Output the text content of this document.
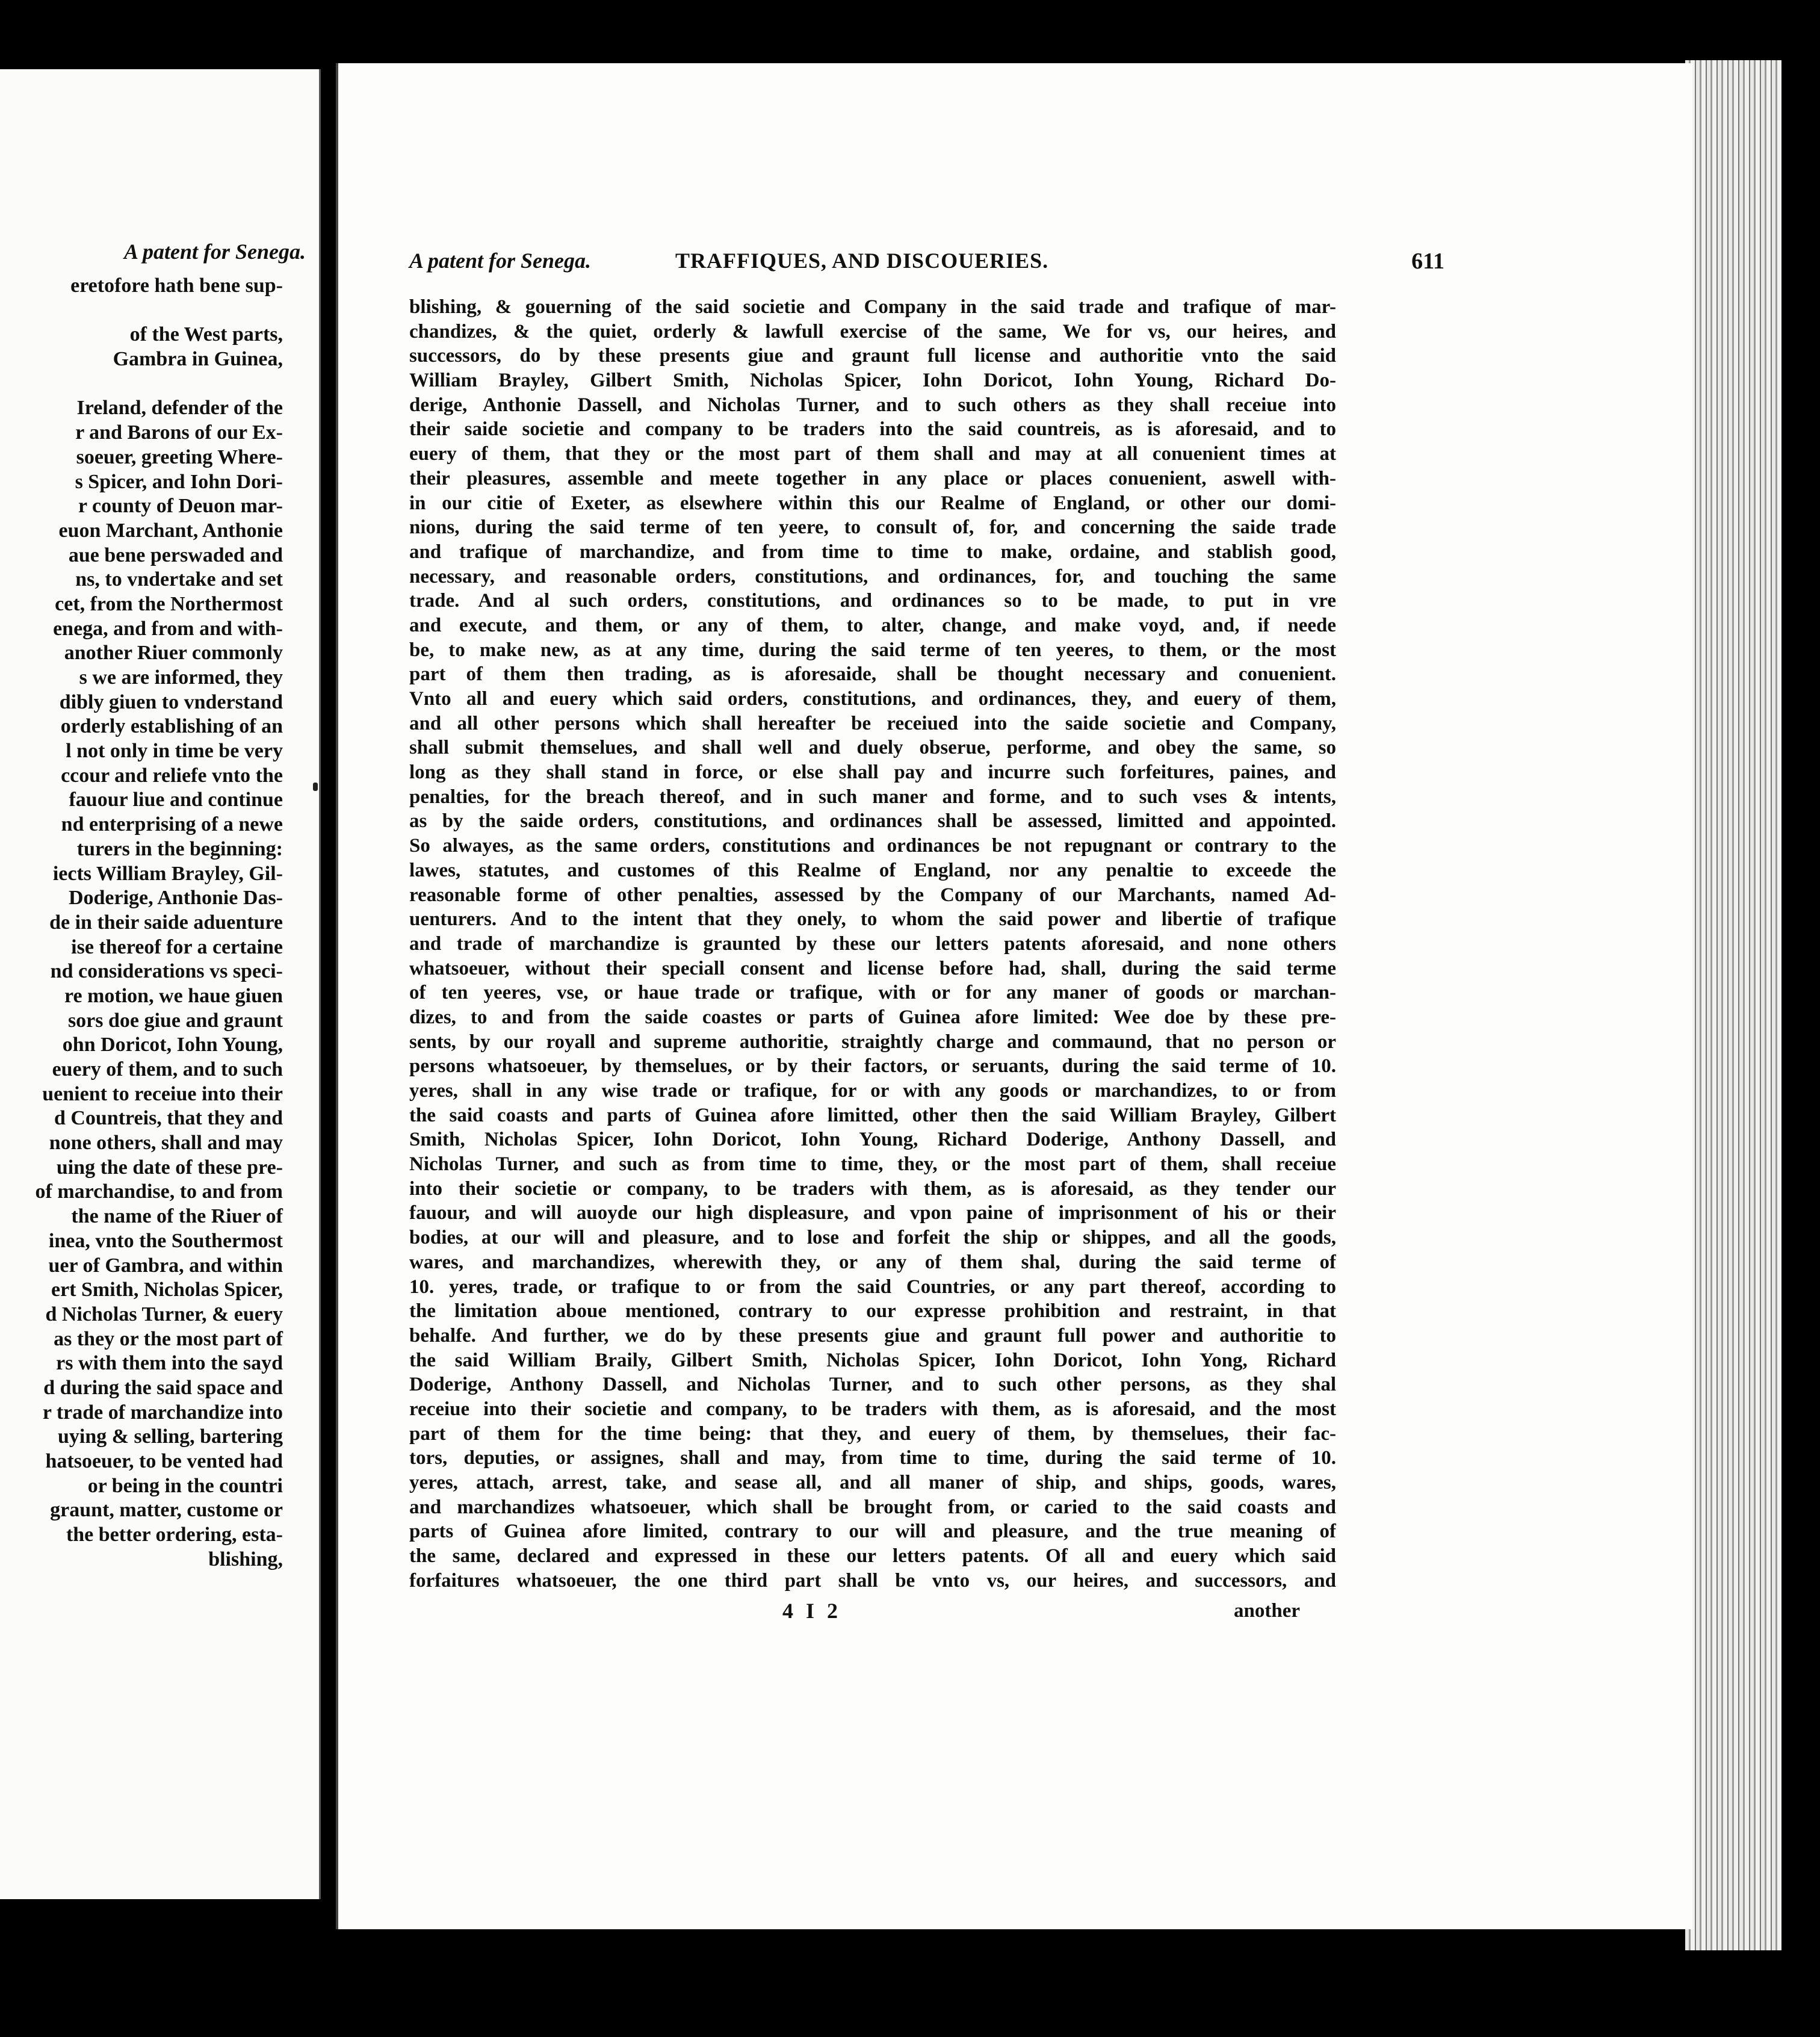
A patent for Senega.
eretofore hath bene sup-
of the West parts,
Gambra in Guinea,
Ireland, defender of the
r and Barons of our Ex-
soeuer, greeting Where-
s Spicer, and Iohn Dori-
r county of Deuon mar-
euon Marchant, Anthonie
aue bene perswaded and
ns, to vndertake and set
cet, from the Northermost
enega, and from and with-
another Riuer commonly
s we are informed, they
dibly giuen to vnderstand
orderly establishing of an
l not only in time be very
ccour and reliefe vnto the
fauour liue and continue
nd enterprising of a newe
turers in the beginning:
iects William Brayley, Gil-
Doderige, Anthonie Das-
de in their saide aduenture
ise thereof for a certaine
nd considerations vs speci-
re motion, we haue giuen
sors doe giue and graunt
ohn Doricot, Iohn Young,
euery of them, and to such
uenient to receiue into their
d Countreis, that they and
none others, shall and may
uing the date of these pre-
of marchandise, to and from
the name of the Riuer of
inea, vnto the Southermost
uer of Gambra, and within
ert Smith, Nicholas Spicer,
d Nicholas Turner, & euery
as they or the most part of
rs with them into the sayd
d during the said space and
r trade of marchandize into
uying & selling, bartering
hatsoeuer, to be vented had
or being in the countri
graunt, matter, custome or
the better ordering, esta-
blishing,
A patent for Senega.	TRAFFIQUES, AND DISCOUERIES.	611
blishing, & gouerning of the said societie and Company in the said trade and trafique of mar-
chandizes, & the quiet, orderly & lawfull exercise of the same, We for vs, our heires, and
successors, do by these presents giue and graunt full license and authoritie vnto the said
William Brayley, Gilbert Smith, Nicholas Spicer, Iohn Doricot, Iohn Young, Richard Do-
derige, Anthonie Dassell, and Nicholas Turner, and to such others as they shall receiue into
their saide societie and company to be traders into the said countreis, as is aforesaid, and to
euery of them, that they or the most part of them shall and may at all conuenient times at
their pleasures, assemble and meete together in any place or places conuenient, aswell with-
in our citie of Exeter, as elsewhere within this our Realme of England, or other our domi-
nions, during the said terme of ten yeere, to consult of, for, and concerning the saide trade
and trafique of marchandize, and from time to time to make, ordaine, and stablish good,
necessary, and reasonable orders, constitutions, and ordinances, for, and touching the same
trade. And al such orders, constitutions, and ordinances so to be made, to put in vre
and execute, and them, or any of them, to alter, change, and make voyd, and, if neede
be, to make new, as at any time, during the said terme of ten yeeres, to them, or the most
part of them then trading, as is aforesaide, shall be thought necessary and conuenient.
Vnto all and euery which said orders, constitutions, and ordinances, they, and euery of them,
and all other persons which shall hereafter be receiued into the saide societie and Company,
shall submit themselues, and shall well and duely obserue, performe, and obey the same, so
long as they shall stand in force, or else shall pay and incurre such forfeitures, paines, and
penalties, for the breach thereof, and in such maner and forme, and to such vses & intents,
as by the saide orders, constitutions, and ordinances shall be assessed, limitted and appointed.
So alwayes, as the same orders, constitutions and ordinances be not repugnant or contrary to the
lawes, statutes, and customes of this Realme of England, nor any penaltie to exceede the
reasonable forme of other penalties, assessed by the Company of our Marchants, named Ad-
uenturers. And to the intent that they onely, to whom the said power and libertie of trafique
and trade of marchandize is graunted by these our letters patents aforesaid, and none others
whatsoeuer, without their speciall consent and license before had, shall, during the said terme
of ten yeeres, vse, or haue trade or trafique, with or for any maner of goods or marchan-
dizes, to and from the saide coastes or parts of Guinea afore limited: Wee doe by these pre-
sents, by our royall and supreme authoritie, straightly charge and commaund, that no person or
persons whatsoeuer, by themselues, or by their factors, or seruants, during the said terme of 10.
yeres, shall in any wise trade or trafique, for or with any goods or marchandizes, to or from
the said coasts and parts of Guinea afore limitted, other then the said William Brayley, Gilbert
Smith, Nicholas Spicer, Iohn Doricot, Iohn Young, Richard Doderige, Anthony Dassell, and
Nicholas Turner, and such as from time to time, they, or the most part of them, shall receiue
into their societie or company, to be traders with them, as is aforesaid, as they tender our
fauour, and will auoyde our high displeasure, and vpon paine of imprisonment of his or their
bodies, at our will and pleasure, and to lose and forfeit the ship or shippes, and all the goods,
wares, and marchandizes, wherewith they, or any of them shal, during the said terme of
10. yeres, trade, or trafique to or from the said Countries, or any part thereof, according to
the limitation aboue mentioned, contrary to our expresse prohibition and restraint, in that
behalfe. And further, we do by these presents giue and graunt full power and authoritie to
the said William Braily, Gilbert Smith, Nicholas Spicer, Iohn Doricot, Iohn Yong, Richard
Doderige, Anthony Dassell, and Nicholas Turner, and to such other persons, as they shal
receiue into their societie and company, to be traders with them, as is aforesaid, and the most
part of them for the time being: that they, and euery of them, by themselues, their fac-
tors, deputies, or assignes, shall and may, from time to time, during the said terme of 10.
yeres, attach, arrest, take, and sease all, and all maner of ship, and ships, goods, wares,
and marchandizes whatsoeuer, which shall be brought from, or caried to the said coasts and
parts of Guinea afore limited, contrary to our will and pleasure, and the true meaning of
the same, declared and expressed in these our letters patents. Of all and euery which said
forfaitures whatsoeuer, the one third part shall be vnto vs, our heires, and successors, and
4 I 2	another
